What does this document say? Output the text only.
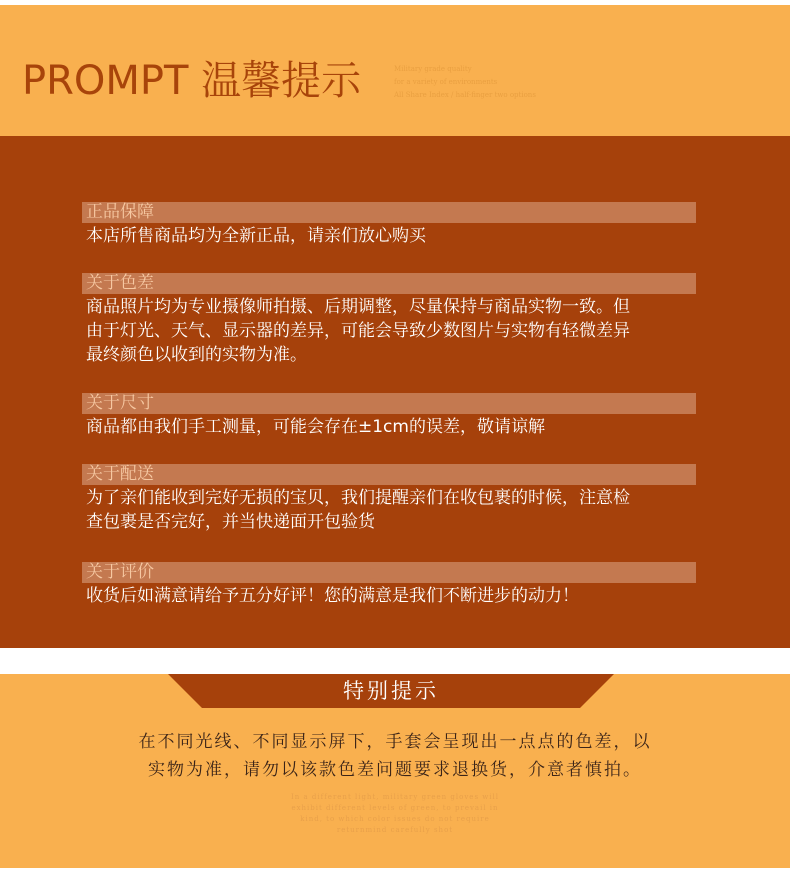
PROMPT 温馨提示	Military grade quality
for a variety of environments
All Share Index / half-finger two options
正品保障
本店所售商品均为全新正品，请亲们放心购买
关于色差
商品照片均为专业摄像师拍摄、后期调整，尽量保持与商品实物一致。但
由于灯光、天气、显示器的差异，可能会导致少数图片与实物有轻微差异
最终颜色以收到的实物为准。
关于尺寸
商品都由我们手工测量，可能会存在±1cm的误差，敬请谅解
关于配送
为了亲们能收到完好无损的宝贝，我们提醒亲们在收包裹的时候，注意检
查包裹是否完好，并当快递面开包验货
关于评价
收货后如满意请给予五分好评！您的满意是我们不断进步的动力！
特别提示
在不同光线、不同显示屏下，手套会呈现出一点点的色差，以
实物为准，请勿以该款色差问题要求退换货，介意者慎拍。
In a different light, military green gloves will
exhibit different levels of green, to prevail in
kind, to which color issues do not require
returnmind carefully shot
